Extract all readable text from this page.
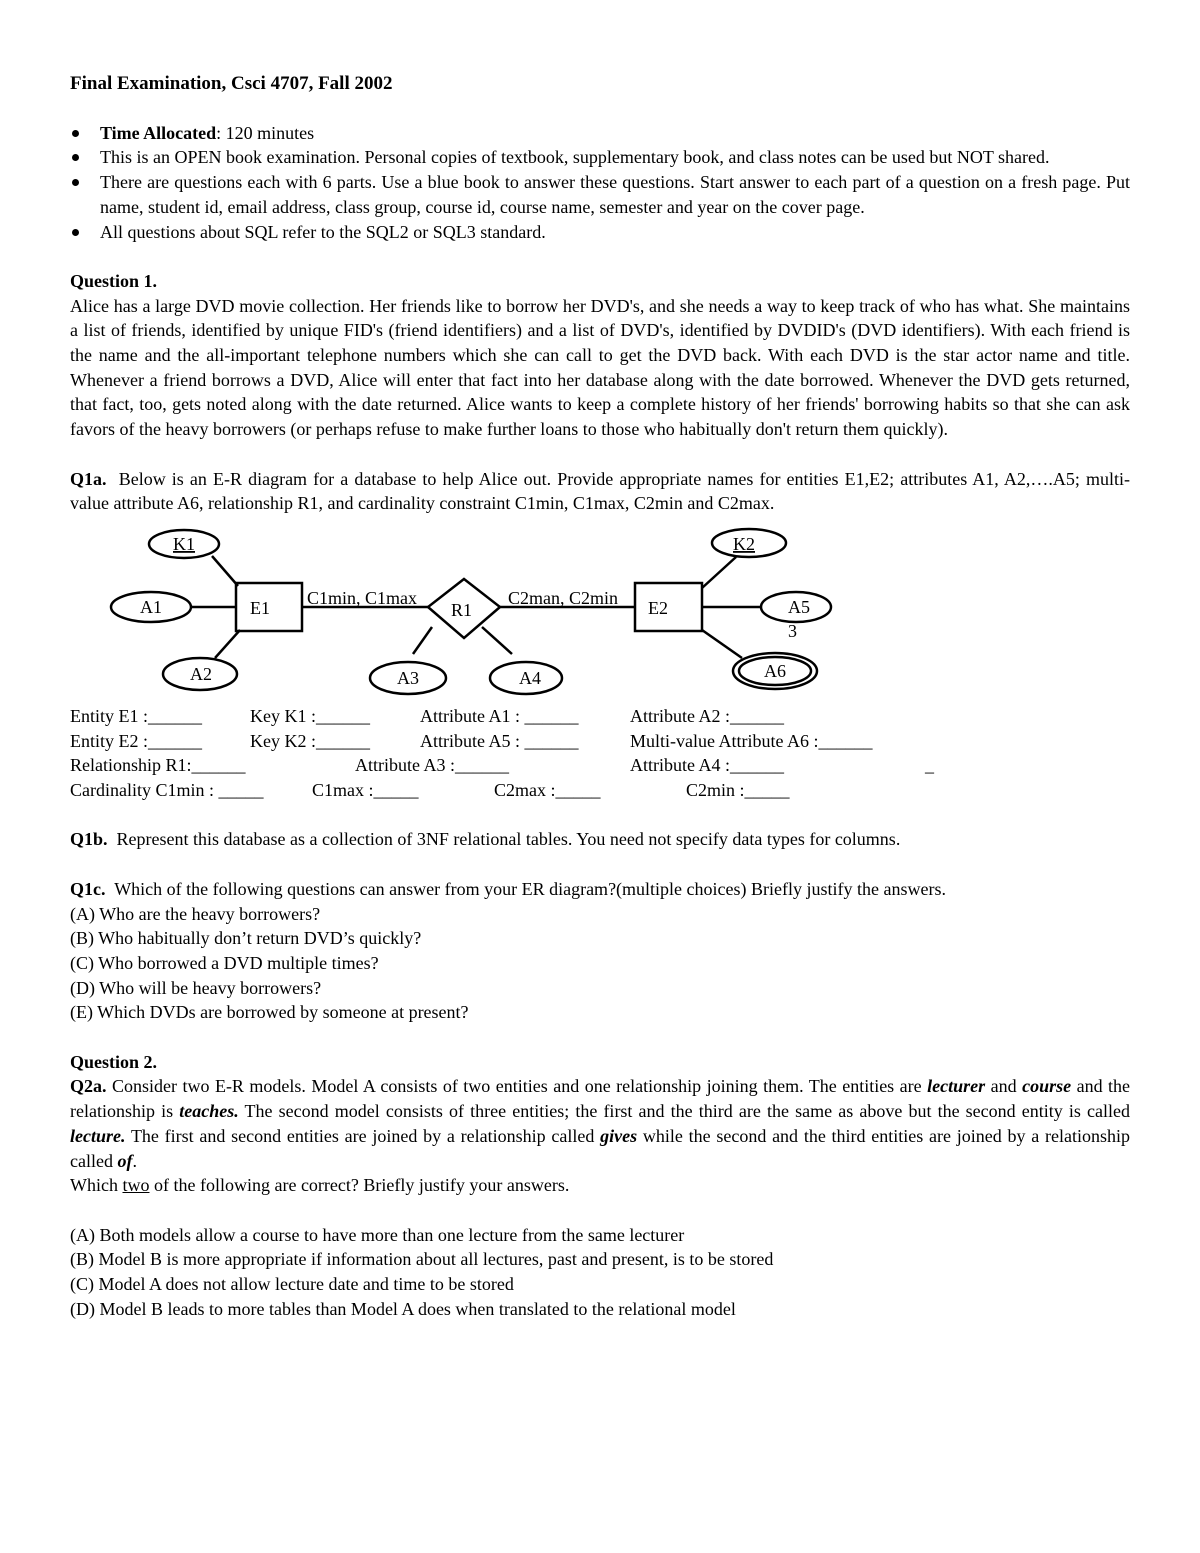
Final Examination, Csci 4707, Fall 2002
Time Allocated: 120 minutes
This is an OPEN book examination. Personal copies of textbook, supplementary book, and class notes can be used but NOT shared.
There are questions each with 6 parts. Use a blue book to answer these questions. Start answer to each part of a question on a fresh page. Put name, student id, email address, class group, course id, course name, semester and year on the cover page.
All questions about SQL refer to the SQL2 or SQL3 standard.
Question 1.

Alice has a large DVD movie collection. Her friends like to borrow her DVD's, and she needs a way to keep track of who has what. She maintains a list of friends, identified by unique FID's (friend identifiers) and a list of DVD's, identified by DVDID's (DVD identifiers). With each friend is the name and the all-important telephone numbers which she can call to get the DVD back. With each DVD is the star actor name and title. Whenever a friend borrows a DVD, Alice will enter that fact into her database along with the date borrowed. Whenever the DVD gets returned, that fact, too, gets noted along with the date returned. Alice wants to keep a complete history of her friends' borrowing habits so that she can ask favors of the heavy borrowers (or perhaps refuse to make further loans to those who habitually don't return them quickly).

Q1a. Below is an E-R diagram for a database to help Alice out. Provide appropriate names for entities E1,E2; attributes A1, A2,….A5; multi-value attribute A6, relationship R1, and cardinality constraint C1min, C1max, C2min and C2max.

K1
A1
A2
E1 C1min, C1max
R1
C2man, C2min
A3	A4
E2
K2
A5
3
A6
Entity E1 :______	Key K1 :______	Attribute A1 : ______	Attribute A2 :______
Entity E2 :______	Key K2 :______	Attribute A5 : ______	Multi-value Attribute A6 :______
Relationship R1:______	Attribute A3 :______	Attribute A4 :______	_
Cardinality C1min : _____	C1max :_____	C2max :_____	C2min :_____

Q1b. Represent this database as a collection of 3NF relational tables. You need not specify data types for columns.

Q1c. Which of the following questions can answer from your ER diagram?(multiple choices) Briefly justify the answers.

(A) Who are the heavy borrowers?
(B) Who habitually don’t return DVD’s quickly?
(C) Who borrowed a DVD multiple times?
(D) Who will be heavy borrowers?
(E) Which DVDs are borrowed by someone at present?
Question 2.

Q2a. Consider two E-R models. Model A consists of two entities and one relationship joining them. The entities are lecturer and course and the relationship is teaches. The second model consists of three entities; the first and the third are the same as above but the second entity is called lecture. The first and second entities are joined by a relationship called gives while the second and the third entities are joined by a relationship called of.

Which two of the following are correct? Briefly justify your answers.

(A) Both models allow a course to have more than one lecture from the same lecturer
(B) Model B is more appropriate if information about all lectures, past and present, is to be stored
(C) Model A does not allow lecture date and time to be stored
(D) Model B leads to more tables than Model A does when translated to the relational model
